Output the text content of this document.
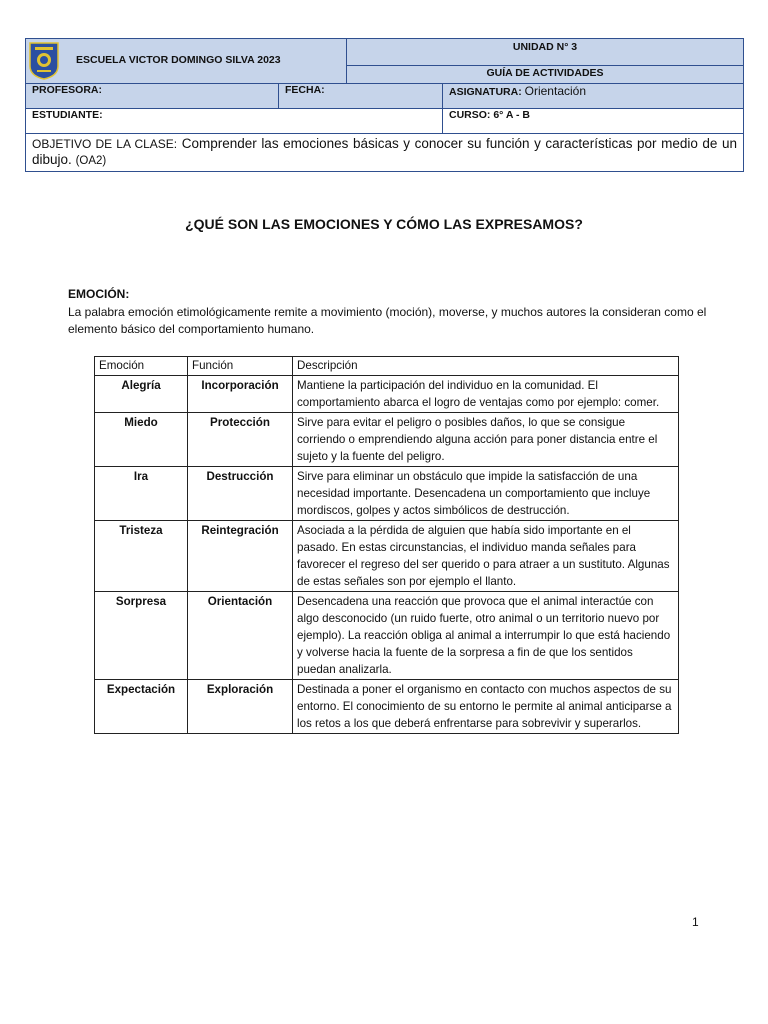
ESCUELA VICTOR DOMINGO SILVA 2023		UNIDAD N° 3	
		GUÍA DE ACTIVIDADES	
PROFESORA:	FECHA:		ASIGNATURA: Orientación
ESTUDIANTE:			CURSO: 6° A - B
OBJETIVO DE LA CLASE: Comprender las emociones básicas y conocer su función y características por medio de un dibujo. (OA2)			
¿QUÉ SON LAS EMOCIONES Y CÓMO LAS EXPRESAMOS?
EMOCIÓN:
La palabra emoción etimológicamente remite a movimiento (moción), moverse, y muchos autores la consideran como el elemento básico del comportamiento humano.
Emoción	Función	Descripción
Alegría	Incorporación	Mantiene la participación del individuo en la comunidad. El comportamiento abarca el logro de ventajas como por ejemplo: comer.
Miedo	Protección	Sirve para evitar el peligro o posibles daños, lo que se consigue corriendo o emprendiendo alguna acción para poner distancia entre el sujeto y la fuente del peligro.
Ira	Destrucción	Sirve para eliminar un obstáculo que impide la satisfacción de una necesidad importante. Desencadena un comportamiento que incluye mordiscos, golpes y actos simbólicos de destrucción.
Tristeza	Reintegración	Asociada a la pérdida de alguien que había sido importante en el pasado. En estas circunstancias, el individuo manda señales para favorecer el regreso del ser querido o para atraer a un sustituto. Algunas de estas señales son por ejemplo el llanto.
Sorpresa	Orientación	Desencadena una reacción que provoca que el animal interactúe con algo desconocido (un ruido fuerte, otro animal o un territorio nuevo por ejemplo). La reacción obliga al animal a interrumpir lo que está haciendo y volverse hacia la fuente de la sorpresa a fin de que los sentidos puedan analizarla.
Expectación	Exploración	Destinada a poner el organismo en contacto con muchos aspectos de su entorno. El conocimiento de su entorno le permite al animal anticiparse a los retos a los que deberá enfrentarse para sobrevivir y superarlos.
1
